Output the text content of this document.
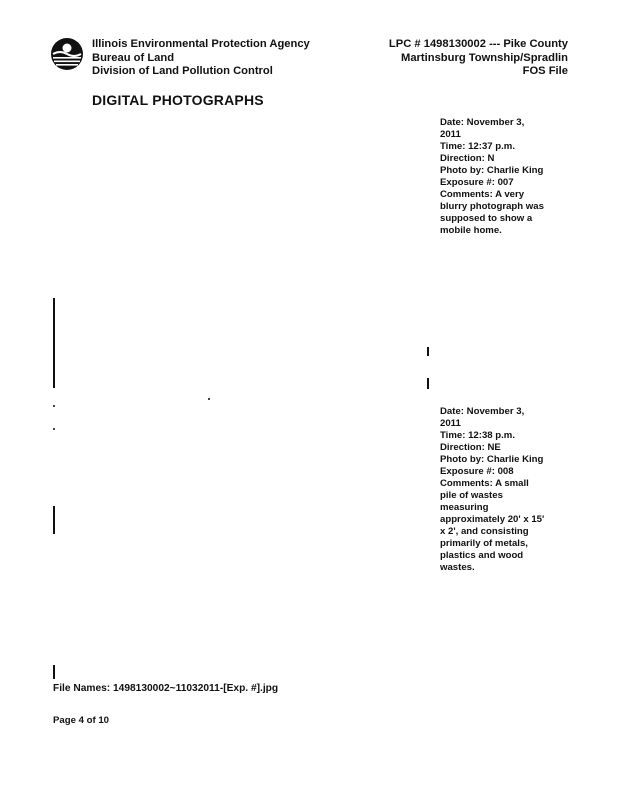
Illinois Environmental Protection Agency
Bureau of Land
Division of Land Pollution Control
LPC # 1498130002 --- Pike County
Martinsburg Township/Spradlin
FOS File
DIGITAL PHOTOGRAPHS
Date: November 3,
2011
Time: 12:37 p.m.
Direction: N
Photo by: Charlie King
Exposure #: 007
Comments: A very
blurry photograph was
supposed to show a
mobile home.
Date: November 3,
2011
Time: 12:38 p.m.
Direction: NE
Photo by: Charlie King
Exposure #: 008
Comments: A small
pile of wastes
measuring
approximately 20' x 15'
x 2', and consisting
primarily of metals,
plastics and wood
wastes.
File Names: 1498130002~11032011-[Exp. #].jpg
Page 4 of 10
